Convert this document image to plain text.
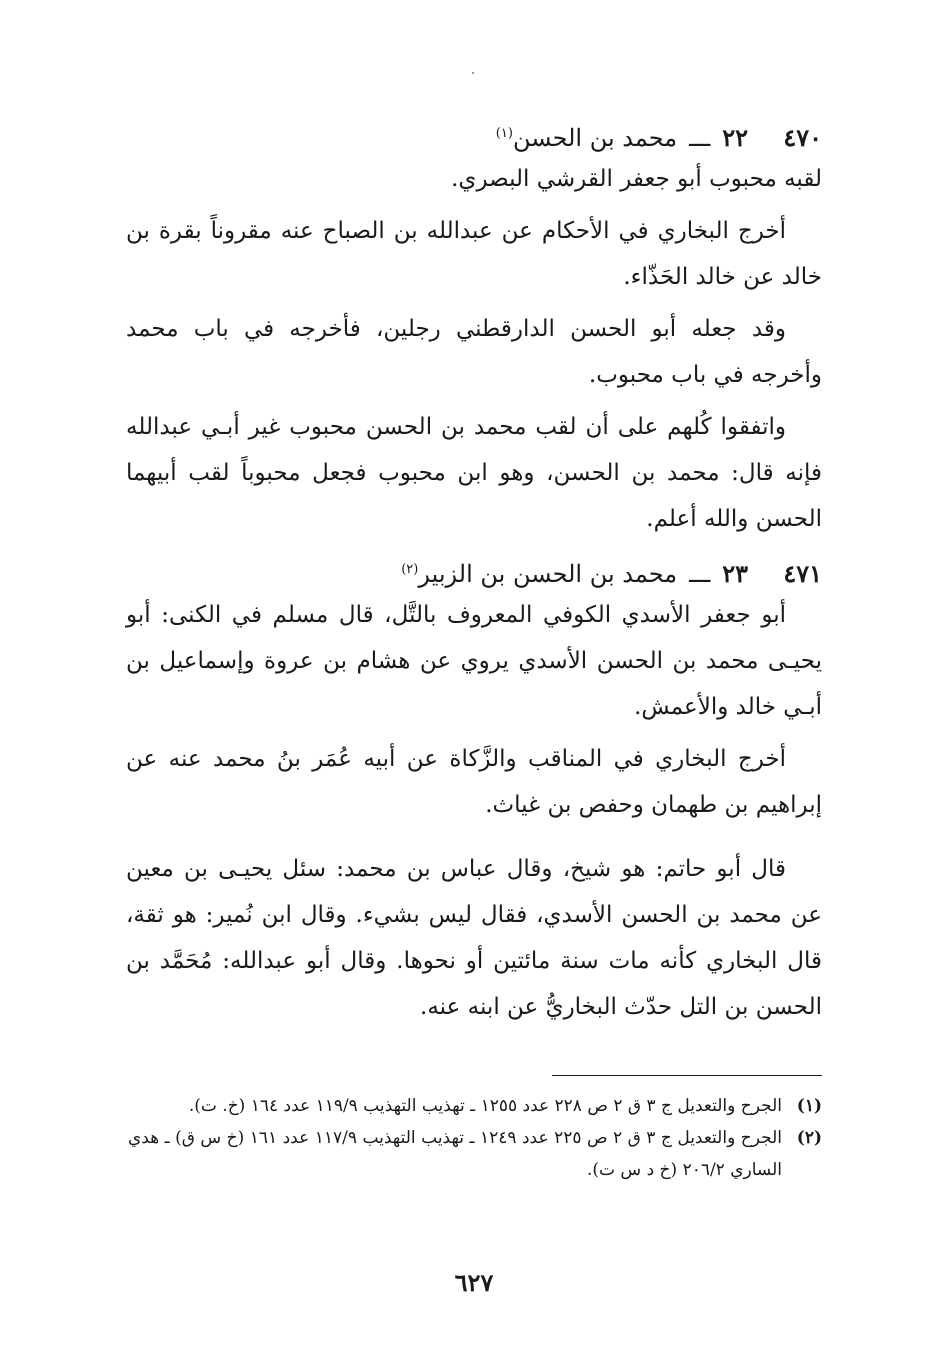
٤٧٠
٢٢
ـــ
محمد بن الحسن$^{(١)}$

لقبه محبوب أبو جعفر القرشي البصري.

أخرج البخاري في الأحكام عن عبدالله بن الصباح عنه مقروناً بقرة بن خالد عن خالد الحَذّاء.

وقد جعله أبو الحسن الدارقطني رجلين، فأخرجه في باب محمد وأخرجه في باب محبوب.

واتفقوا كُلهم على أن لقب محمد بن الحسن محبوب غير أبـي عبدالله فإنه قال: محمد بن الحسن، وهو ابن محبوب فجعل محبوباً لقب أبيهما الحسن والله أعلم.

٤٧١
٢٣
ـــ
محمد بن الحسن بن الزبير$^{(٢)}$

أبو جعفر الأسدي الكوفي المعروف بالتَّل، قال مسلم في الكنى: أبو يحيـى محمد بن الحسن الأسدي يروي عن هشام بن عروة وإسماعيل بن أبـي خالد والأعمش.

أخرج البخاري في المناقب والزَّكاة عن أبيه عُمَر بنُ محمد عنه عن إبراهيم بن طهمان وحفص بن غياث.

قال أبو حاتم: هو شيخ، وقال عباس بن محمد: سئل يحيـى بن معين عن محمد بن الحسن الأسدي، فقال ليس بشيء. وقال ابن نُمير: هو ثقة، قال البخاري كأنه مات سنة مائتين أو نحوها. وقال أبو عبدالله: مُحَمَّد بن الحسن بن التل حدّث البخاريُّ عن ابنه عنه.

(١)
الجرح والتعديل ج ٣ ق ٢ ص ٢٢٨ عدد ١٢٥٥ ـ تهذيب التهذيب ١١٩/٩ عدد ١٦٤ (خ. ت).
(٢)
الجرح والتعديل ج ٣ ق ٢ ص ٢٢٥ عدد ١٢٤٩ ـ تهذيب التهذيب ١١٧/٩ عدد ١٦١ (خ س ق) ـ هدي الساري ٢٠٦/٢ (خ د س ت).
٦٢٧
